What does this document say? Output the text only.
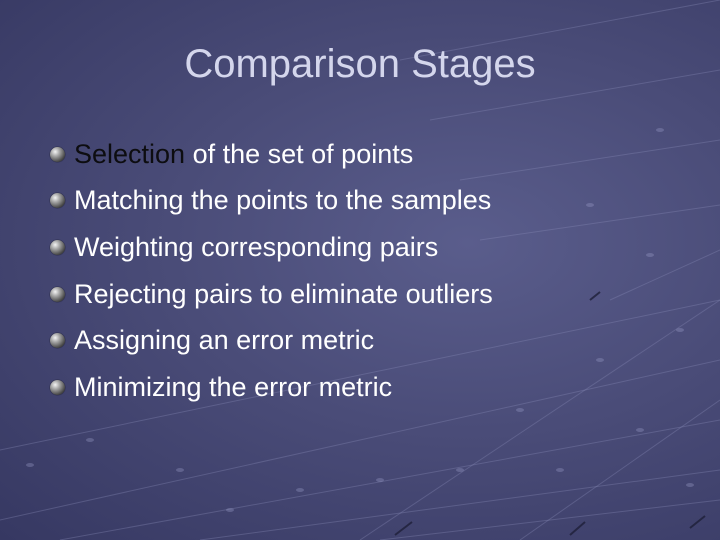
Comparison Stages
Selection of the set of points
Matching the points to the samples
Weighting corresponding pairs
Rejecting pairs to eliminate outliers
Assigning an error metric
Minimizing the error metric
